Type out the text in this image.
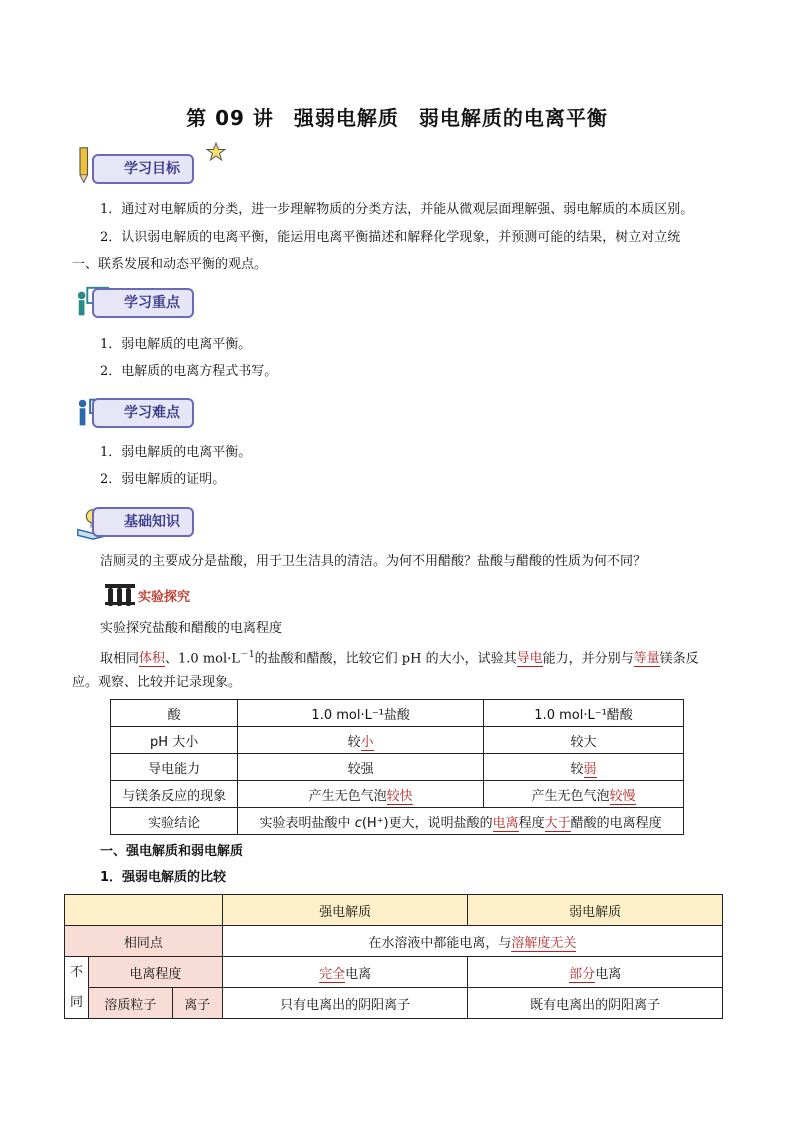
第 09 讲 强弱电解质 弱电解质的电离平衡
学习目标
1．通过对电解质的分类，进一步理解物质的分类方法，并能从微观层面理解强、弱电解质的本质区别。
2．认识弱电解质的电离平衡，能运用电离平衡描述和解释化学现象，并预测可能的结果，树立对立统
一、联系发展和动态平衡的观点。
学习重点
1．弱电解质的电离平衡。
2．电解质的电离方程式书写。
学习难点
1．弱电解质的电离平衡。
2．弱电解质的证明。
基础知识
洁厕灵的主要成分是盐酸，用于卫生洁具的清洁。为何不用醋酸？盐酸与醋酸的性质为何不同？
实验探究
实验探究盐酸和醋酸的电离程度
取相同体积、1.0 $mol\cdot L^{-1}$的盐酸和醋酸，比较它们 pH 的大小，试验其导电能力，并分别与等量镁条反
应。观察、比较并记录现象。
酸	1.0 mol·L⁻¹盐酸	1.0 mol·L⁻¹醋酸
pH 大小	较小	较大
导电能力	较强	较弱
与镁条反应的现象	产生无色气泡较快	产生无色气泡较慢
实验结论	实验表明盐酸中 c(H⁺)更大，说明盐酸的电离程度大于醋酸的电离程度	
一、强电解质和弱电解质
1．强弱电解质的比较
			强电解质	弱电解质
相同点			在水溶液中都能电离，与溶解度无关	
不
同	电离程度		完全电离	部分电离
	溶质粒子	离子	只有电离出的阴阳离子	既有电离出的阴阳离子
